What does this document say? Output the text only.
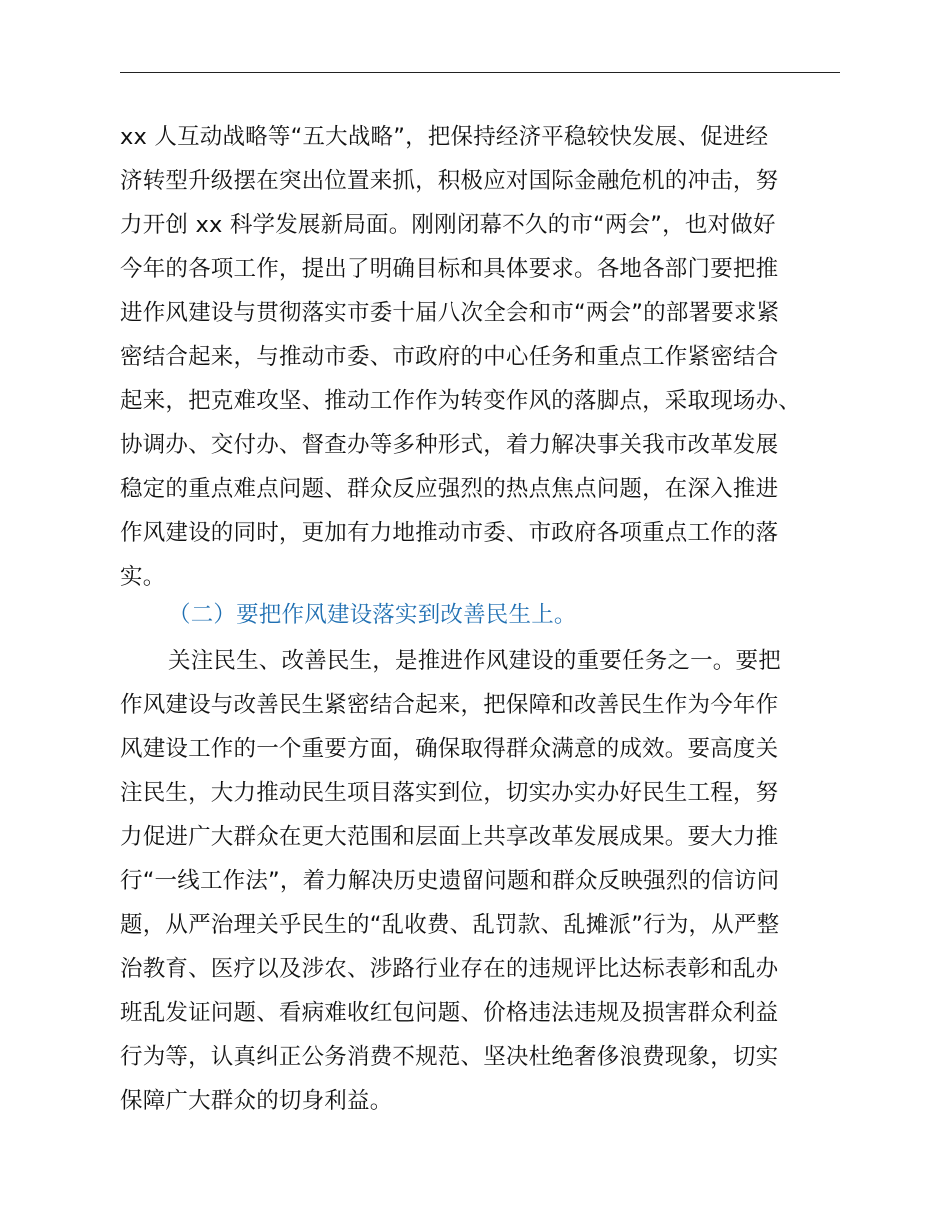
xx 人互动战略等“五大战略”，把保持经济平稳较快发展、促进经
济转型升级摆在突出位置来抓，积极应对国际金融危机的冲击，努
力开创 xx 科学发展新局面。刚刚闭幕不久的市“两会”，也对做好
今年的各项工作，提出了明确目标和具体要求。各地各部门要把推
进作风建设与贯彻落实市委十届八次全会和市“两会”的部署要求紧
密结合起来，与推动市委、市政府的中心任务和重点工作紧密结合
起来，把克难攻坚、推动工作作为转变作风的落脚点，采取现场办、
协调办、交付办、督查办等多种形式，着力解决事关我市改革发展
稳定的重点难点问题、群众反应强烈的热点焦点问题，在深入推进
作风建设的同时，更加有力地推动市委、市政府各项重点工作的落
实。
（二）要把作风建设落实到改善民生上。
关注民生、改善民生，是推进作风建设的重要任务之一。要把
作风建设与改善民生紧密结合起来，把保障和改善民生作为今年作
风建设工作的一个重要方面，确保取得群众满意的成效。要高度关
注民生，大力推动民生项目落实到位，切实办实办好民生工程，努
力促进广大群众在更大范围和层面上共享改革发展成果。要大力推
行“一线工作法”，着力解决历史遗留问题和群众反映强烈的信访问
题，从严治理关乎民生的“乱收费、乱罚款、乱摊派”行为，从严整
治教育、医疗以及涉农、涉路行业存在的违规评比达标表彰和乱办
班乱发证问题、看病难收红包问题、价格违法违规及损害群众利益
行为等，认真纠正公务消费不规范、坚决杜绝奢侈浪费现象，切实
保障广大群众的切身利益。
